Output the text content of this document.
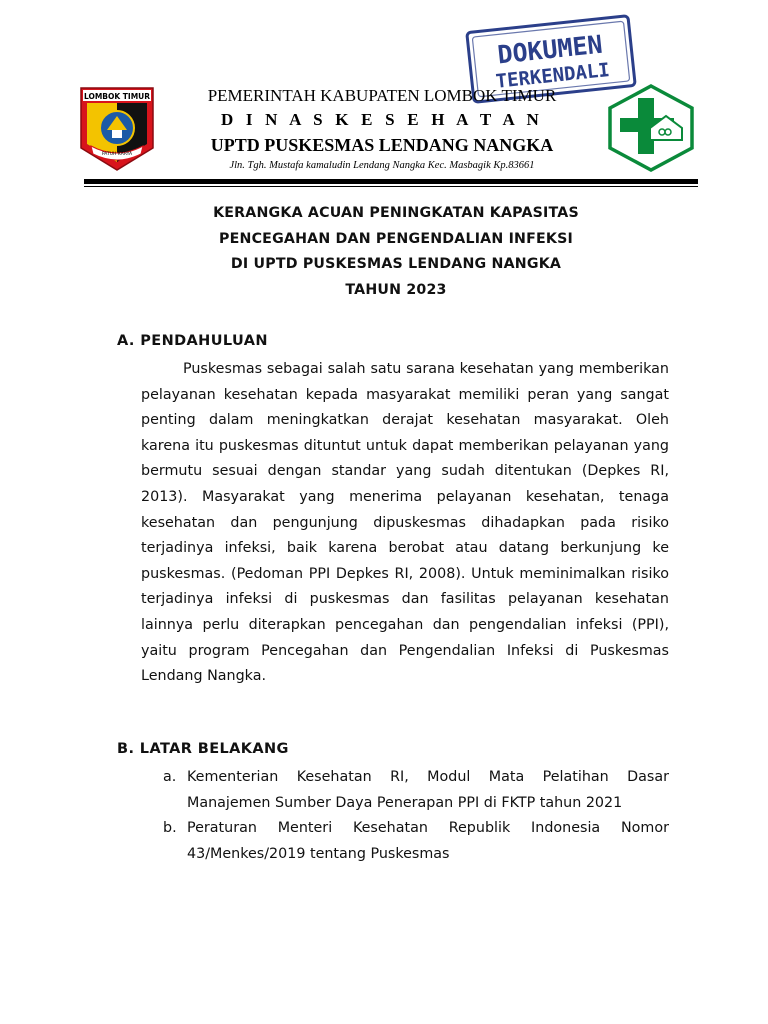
LOMBOK TIMUR
PATUH KARYA
DOKUMEN
TERKENDALI
PEMERINTAH KABUPATEN LOMBOK TIMUR
D I N A S K E S E H A T A N
UPTD PUSKESMAS LENDANG NANGKA
Jln. Tgh. Mustafa kamaludin Lendang Nangka Kec. Masbagik Kp.83661
KERANGKA ACUAN PENINGKATAN KAPASITAS
PENCEGAHAN DAN PENGENDALIAN INFEKSI
DI UPTD PUSKESMAS LENDANG NANGKA
TAHUN 2023
A. PENDAHULUAN

Puskesmas sebagai salah satu sarana kesehatan yang memberikan pelayanan kesehatan kepada masyarakat memiliki peran yang sangat penting dalam meningkatkan derajat kesehatan masyarakat. Oleh karena itu puskesmas dituntut untuk dapat memberikan pelayanan yang bermutu sesuai dengan standar yang sudah ditentukan (Depkes RI, 2013). Masyarakat yang menerima pelayanan kesehatan, tenaga kesehatan dan pengunjung dipuskesmas dihadapkan pada risiko terjadinya infeksi, baik karena berobat atau datang berkunjung ke puskesmas. (Pedoman PPI Depkes RI, 2008). Untuk meminimalkan risiko terjadinya infeksi di puskesmas dan fasilitas pelayanan kesehatan lainnya perlu diterapkan pencegahan dan pengendalian infeksi (PPI), yaitu program Pencegahan dan Pengendalian Infeksi di Puskesmas Lendang Nangka.

B. LATAR BELAKANG
a. Kementerian Kesehatan RI, Modul Mata Pelatihan Dasar Manajemen Sumber Daya Penerapan PPI di FKTP tahun 2021
b. Peraturan Menteri Kesehatan Republik Indonesia Nomor 43/Menkes/2019 tentang Puskesmas
